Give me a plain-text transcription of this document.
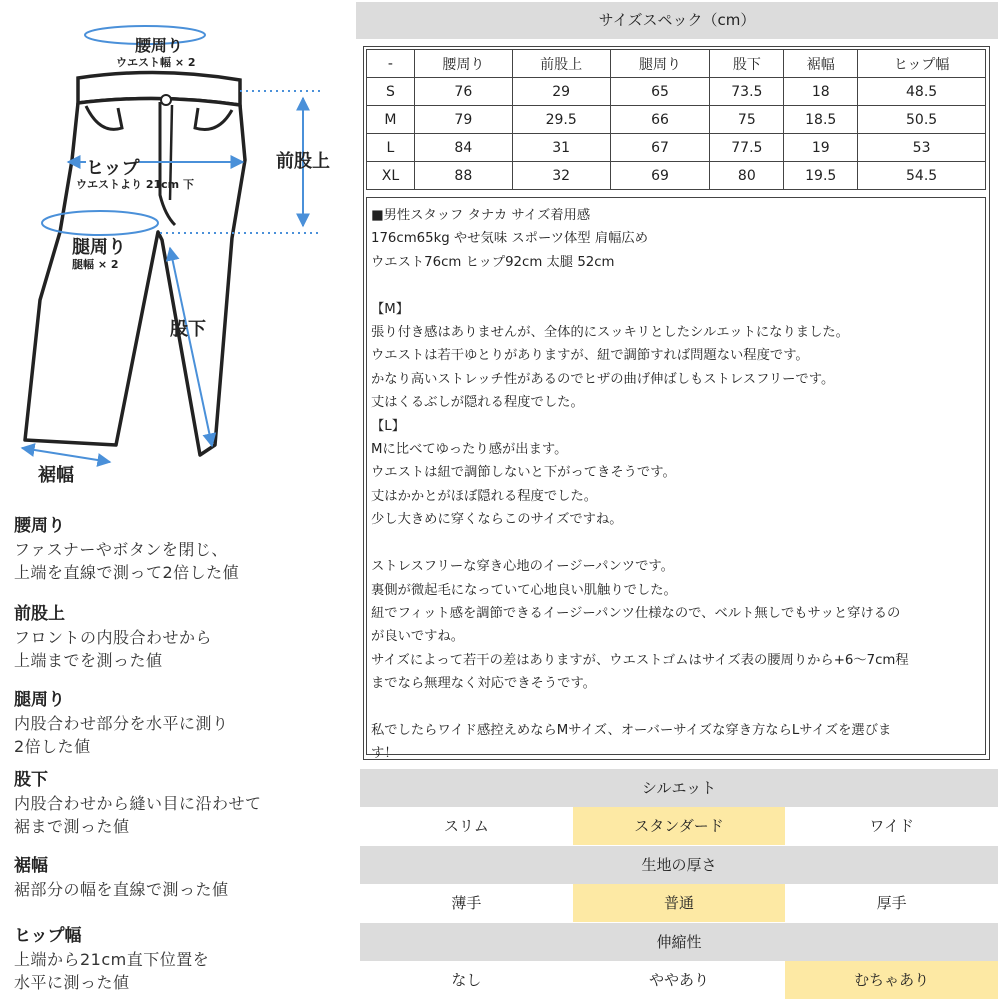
腰周り
ウエスト幅 × 2
前股上
ヒップ
ウエストより 21cm 下
腿周り
腿幅 × 2
股下
裾幅
腰周り
ファスナーやボタンを閉じ、
上端を直線で測って2倍した値
前股上
フロントの内股合わせから
上端までを測った値
腿周り
内股合わせ部分を水平に測り
2倍した値
股下
内股合わせから縫い目に沿わせて
裾まで測った値
裾幅
裾部分の幅を直線で測った値
ヒップ幅
上端から21cm直下位置を
水平に測った値
サイズスペック（cm）
-	腰周り	前股上	腿周り	股下	裾幅	ヒップ幅
S	76	29	65	73.5	18	48.5
M	79	29.5	66	75	18.5	50.5
L	84	31	67	77.5	19	53
XL	88	32	69	80	19.5	54.5
■男性スタッフ タナカ サイズ着用感
176cm65kg やせ気味 スポーツ体型 肩幅広め
ウエスト76cm ヒップ92cm 太腿 52cm

【M】
張り付き感はありませんが、全体的にスッキリとしたシルエットになりました。
ウエストは若干ゆとりがありますが、紐で調節すれば問題ない程度です。
かなり高いストレッチ性があるのでヒザの曲げ伸ばしもストレスフリーです。
丈はくるぶしが隠れる程度でした。
【L】
Mに比べてゆったり感が出ます。
ウエストは紐で調節しないと下がってきそうです。
丈はかかとがほぼ隠れる程度でした。
少し大きめに穿くならこのサイズですね。

ストレスフリーな穿き心地のイージーパンツです。
裏側が微起毛になっていて心地良い肌触りでした。
紐でフィット感を調節できるイージーパンツ仕様なので、ベルト無しでもサッと穿けるの
が良いですね。
サイズによって若干の差はありますが、ウエストゴムはサイズ表の腰周りから+6〜7cm程
までなら無理なく対応できそうです。

私でしたらワイド感控えめならMサイズ、オーバーサイズな穿き方ならLサイズを選びま
す！
シルエット
スリム	スタンダード	ワイド
生地の厚さ
薄手	普通	厚手
伸縮性
なし	ややあり	むちゃあり
